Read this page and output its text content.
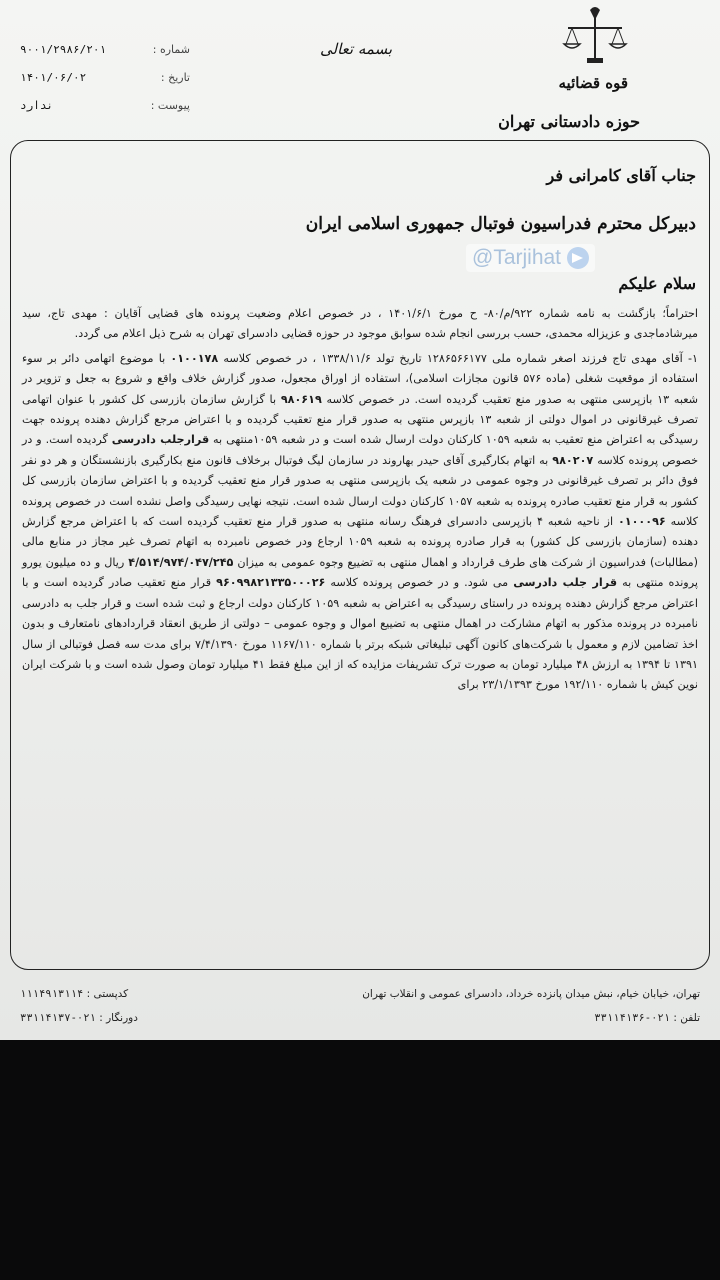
شماره :
۹۰۰۱/۲۹۸۶/۲۰۱
تاریخ :
۱۴۰۱/۰۶/۰۲
پیوست :
ندارد
بسمه تعالی
قوه قضائیه
حوزه دادستانی تهران
جناب آقای کامرانی فر
دبیرکل محترم فدراسیون فوتبال جمهوری اسلامی ایران
سلام علیکم
@Tarjihat

احتراماً؛ بازگشت به نامه شماره ۹۲۲/م/۸۰- ح مورخ ۱۴۰۱/۶/۱ ، در خصوص اعلام وضعیت پرونده های قضایی آقایان : مهدی تاج، سید میرشادماجدی و عزیزاله محمدی، حسب بررسی انجام شده سوابق موجود در حوزه قضایی دادسرای تهران به شرح ذیل اعلام می گردد.

۱- آقای مهدی تاج فرزند اصغر شماره ملی ۱۲۸۶۵۶۶۱۷۷ تاریخ تولد ۱۳۳۸/۱۱/۶ ، در خصوص کلاسه ۰۱۰۰۱۷۸ با موضوع اتهامی دائر بر سوء استفاده از موقعیت شغلی (ماده ۵۷۶ قانون مجازات اسلامی)، استفاده از اوراق مجعول، صدور گزارش خلاف واقع و شروع به جعل و تزویر در شعبه ۱۳ بازپرسی منتهی به صدور منع تعقیب گردیده است. در خصوص کلاسه ۹۸۰۶۱۹ با گزارش سازمان بازرسی کل کشور با عنوان اتهامی تصرف غیرقانونی در اموال دولتی از شعبه ۱۳ بازپرس منتهی به صدور قرار منع تعقیب گردیده و با اعتراض مرجع گزارش دهنده پرونده جهت رسیدگی به اعتراض منع تعقیب به شعبه ۱۰۵۹ کارکنان دولت ارسال شده است و در شعبه ۱۰۵۹منتهی به قرارجلب دادرسی گردیده است. و در خصوص پرونده کلاسه ۹۸۰۲۰۷ به اتهام بکارگیری آقای حیدر بهاروند در سازمان لیگ فوتبال برخلاف قانون منع بکارگیری بازنشستگان و هر دو نفر فوق دائر بر تصرف غیرقانونی در وجوه عمومی در شعبه یک بازپرسی منتهی به صدور قرار منع تعقیب گردیده و با اعتراض سازمان بازرسی کل کشور به قرار منع تعقیب صادره پرونده به شعبه ۱۰۵۷ کارکنان دولت ارسال شده است. نتیجه نهایی رسیدگی واصل نشده است در خصوص پرونده کلاسه ۰۱۰۰۰۹۶ از ناحیه شعبه ۴ بازپرسی دادسرای فرهنگ رسانه منتهی به صدور قرار منع تعقیب گردیده است که با اعتراض مرجع گزارش دهنده (سازمان بازرسی کل کشور) به قرار صادره پرونده به شعبه ۱۰۵۹ ارجاع ودر خصوص نامبرده به اتهام تصرف غیر مجاز در منابع مالی (مطالبات) فدراسیون از شرکت های طرف قرارداد و اهمال منتهی به تضییع وجوه عمومی به میزان ۴/۵۱۴/۹۷۴/۰۴۷/۲۴۵ ریال و ده میلیون یورو پرونده منتهی به قرار جلب دادرسی می شود. و در خصوص پرونده کلاسه ۹۶۰۹۹۸۲۱۳۳۵۰۰۰۲۶ قرار منع تعقیب صادر گردیده است و با اعتراض مرجع گزارش دهنده پرونده در راستای رسیدگی به اعتراض به شعبه ۱۰۵۹ کارکنان دولت ارجاع و ثبت شده است و قرار جلب به دادرسی نامبرده در پرونده مذکور به اتهام مشارکت در اهمال منتهی به تضییع اموال و وجوه عمومی – دولتی از طریق انعقاد قراردادهای نامتعارف و بدون اخذ تضامین لازم و معمول با شرکت‌های کانون آگهی تبلیغاتی شبکه برتر با شماره ۱۱۶۷/۱۱۰ مورخ ۷/۴/۱۳۹۰ برای مدت سه فصل فوتبالی از سال ۱۳۹۱ تا ۱۳۹۴ به ارزش ۴۸ میلیارد تومان به صورت ترک تشریفات مزایده که از این مبلغ فقط ۴۱ میلیارد تومان وصول شده است و با شرکت ایران نوین کیش با شماره ۱۹۲/۱۱۰ مورخ ۲۳/۱/۱۳۹۳ برای

تهران، خیابان خیام، نبش میدان پانزده خرداد، دادسرای عمومی و انقلاب تهران
کدپستی : ۱۱۱۴۹۱۳۱۱۴
تلفن : ۰۲۱-۳۳۱۱۴۱۳۶
دورنگار : ۰۲۱-۳۳۱۱۴۱۳۷
